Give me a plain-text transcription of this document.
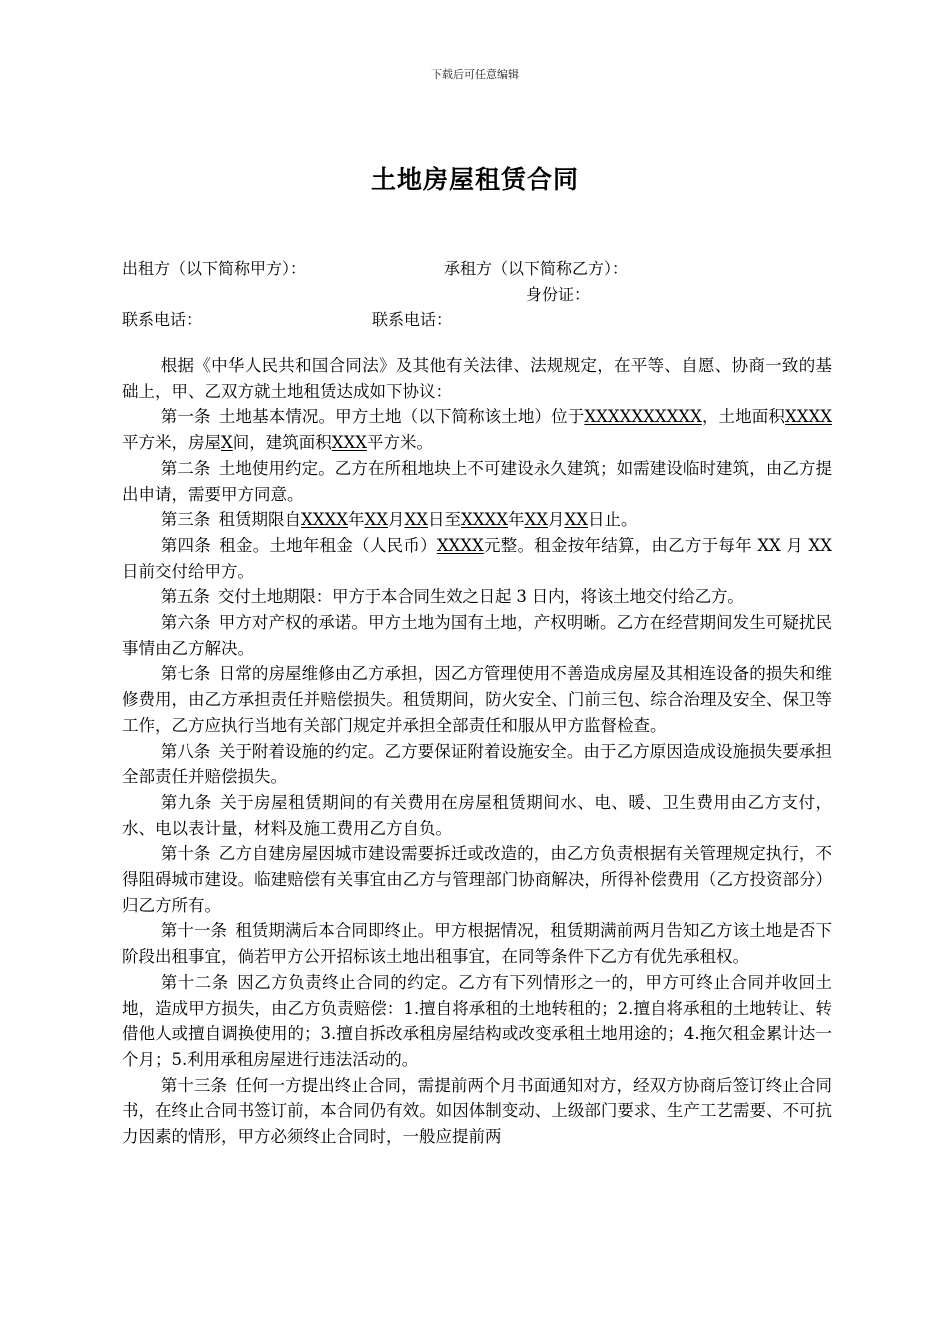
下载后可任意编辑
土地房屋租赁合同
出租方（以下简称甲方）：	承租方（以下简称乙方）：
身份证：
联系电话：	联系电话：

根据《中华人民共和国合同法》及其他有关法律、法规规定，在平等、自愿、协商一致的基础上，甲、乙双方就土地租赁达成如下协议：

第一条 土地基本情况。甲方土地（以下简称该土地）位于XXXXXXXXXX，土地面积XXXX平方米，房屋X间，建筑面积XXX平方米。

第二条 土地使用约定。乙方在所租地块上不可建设永久建筑；如需建设临时建筑，由乙方提出申请，需要甲方同意。

第三条 租赁期限自XXXX年XX月XX日至XXXX年XX月XX日止。

第四条 租金。土地年租金（人民币）XXXX元整。租金按年结算，由乙方于每年 XX 月 XX 日前交付给甲方。

第五条 交付土地期限：甲方于本合同生效之日起 3 日内，将该土地交付给乙方。

第六条 甲方对产权的承诺。甲方土地为国有土地，产权明晰。乙方在经营期间发生可疑扰民事情由乙方解决。

第七条 日常的房屋维修由乙方承担，因乙方管理使用不善造成房屋及其相连设备的损失和维修费用，由乙方承担责任并赔偿损失。租赁期间，防火安全、门前三包、综合治理及安全、保卫等工作，乙方应执行当地有关部门规定并承担全部责任和服从甲方监督检查。

第八条 关于附着设施的约定。乙方要保证附着设施安全。由于乙方原因造成设施损失要承担全部责任并赔偿损失。

第九条 关于房屋租赁期间的有关费用在房屋租赁期间水、电、暖、卫生费用由乙方支付，水、电以表计量，材料及施工费用乙方自负。

第十条 乙方自建房屋因城市建设需要拆迁或改造的，由乙方负责根据有关管理规定执行，不得阻碍城市建设。临建赔偿有关事宜由乙方与管理部门协商解决，所得补偿费用（乙方投资部分）归乙方所有。

第十一条 租赁期满后本合同即终止。甲方根据情况，租赁期满前两月告知乙方该土地是否下阶段出租事宜，倘若甲方公开招标该土地出租事宜，在同等条件下乙方有优先承租权。

第十二条 因乙方负责终止合同的约定。乙方有下列情形之一的，甲方可终止合同并收回土地，造成甲方损失，由乙方负责赔偿：1.擅自将承租的土地转租的；2.擅自将承租的土地转让、转借他人或擅自调换使用的；3.擅自拆改承租房屋结构或改变承租土地用途的；4.拖欠租金累计达一个月；5.利用承租房屋进行违法活动的。

第十三条 任何一方提出终止合同，需提前两个月书面通知对方，经双方协商后签订终止合同书，在终止合同书签订前，本合同仍有效。如因体制变动、上级部门要求、生产工艺需要、不可抗力因素的情形，甲方必须终止合同时，一般应提前两
